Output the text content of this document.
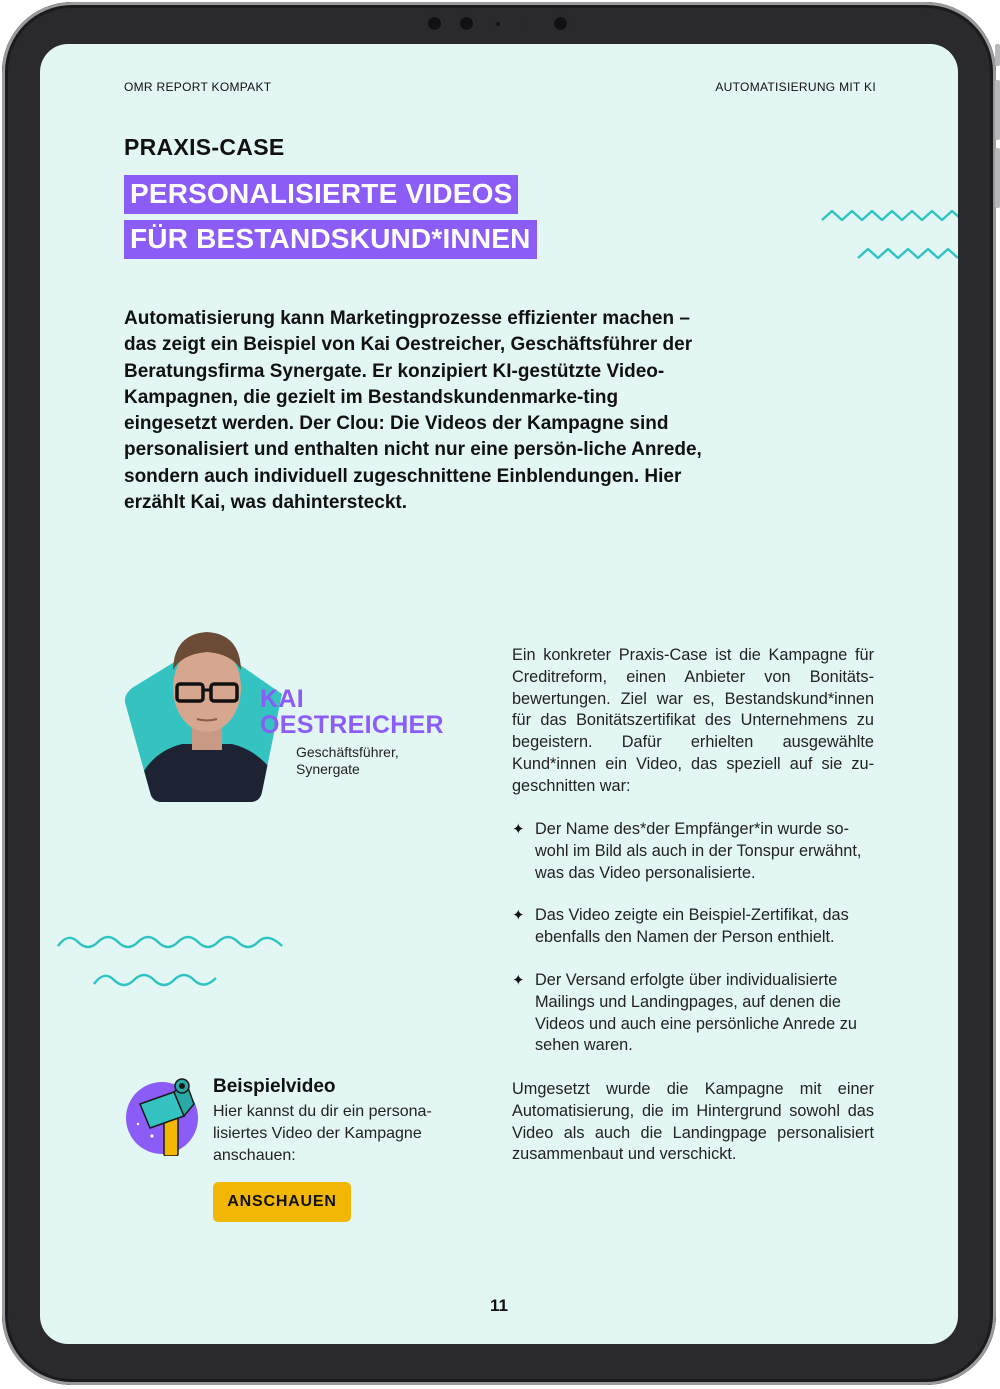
OMR REPORT KOMPAKT	AUTOMATISIERUNG MIT KI
PRAXIS-CASE
PERSONALISIERTE VIDEOS
FÜR BESTANDSKUND*INNEN
Automatisierung kann Marketingprozesse effizienter machen – das zeigt ein Beispiel von Kai Oestreicher, Geschäftsführer der Beratungsfirma Synergate. Er konzipiert KI-gestützte Video-Kampagnen, die gezielt im Bestandskundenmarke-ting eingesetzt werden. Der Clou: Die Videos der Kampagne sind personalisiert und enthalten nicht nur eine persön-liche Anrede, sondern auch individuell zugeschnittene Einblendungen. Hier erzählt Kai, was dahintersteckt.
KAI
OESTREICHER
Geschäftsführer,
Synergate
Ein konkreter Praxis-Case ist die Kampagne für Creditreform, einen Anbieter von Bonitäts-bewertungen. Ziel war es, Bestandskund*innen für das Bonitätszertifikat des Unternehmens zu begeistern. Dafür erhielten ausgewählte Kund*innen ein Video, das speziell auf sie zu-geschnitten war:
✦ Der Name des*der Empfänger*in wurde so-wohl im Bild als auch in der Tonspur erwähnt, was das Video personalisierte.
✦ Das Video zeigte ein Beispiel-Zertifikat, das ebenfalls den Namen der Person enthielt.
✦ Der Versand erfolgte über individualisierte Mailings und Landingpages, auf denen die Videos und auch eine persönliche Anrede zu sehen waren.
Umgesetzt wurde die Kampagne mit einer Automatisierung, die im Hintergrund sowohl das Video als auch die Landingpage personalisiert zusammenbaut und verschickt.
Beispielvideo
Hier kannst du dir ein persona-lisiertes Video der Kampagne anschauen:
ANSCHAUEN
11
